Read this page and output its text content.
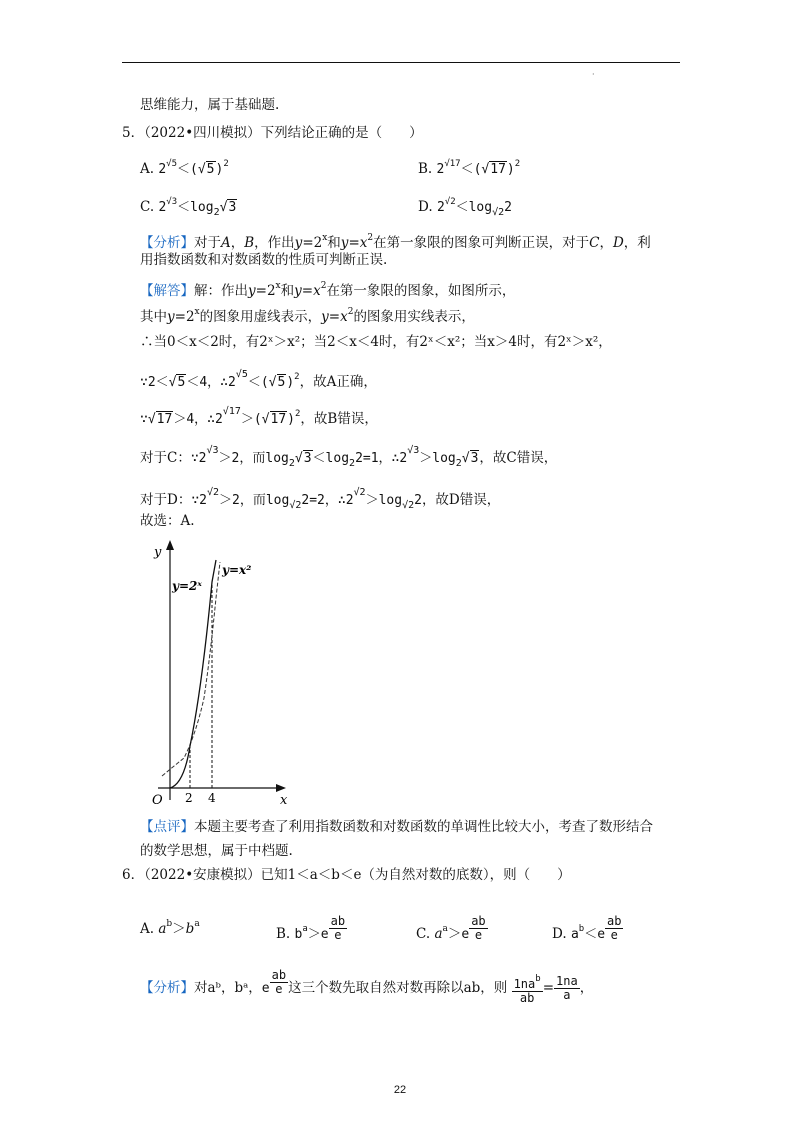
·
思维能力，属于基础题.
5．（2022•四川模拟）下列结论正确的是（　　）
A. $2^{√5}<(√5)^2$	B. $2^{√17}<(√17)^2$
C. $2^{√3}<\log_2√3$	D. $2^{√2}<\log_{√2}2$
【分析】对于A，B，作出$y=2^x$和$y=x^2$在第一象限的图象可判断正误，对于C，D，利
用指数函数和对数函数的性质可判断正误.
【解答】解：作出$y=2^x$和$y=x^2$在第一象限的图象，如图所示，
其中$y=2^x$的图象用虚线表示，$y=x^2$的图象用实线表示，
∴当0＜x＜2时，有2ˣ＞x²；当2＜x＜4时，有2ˣ＜x²；当x＞4时，有2ˣ＞x²，
∵2＜√5＜4，$\therefore 2^{√5}<(√5)^2$，故A正确，
∵√17＞4，$\therefore 2^{√17}>(√17)^2$，故B错误，
对于C：$\because 2^{√3}>2$，而$\log_2√3<\log_22=1$，$\therefore 2^{√3}>\log_2√3$，故C错误，
对于D：$\because 2^{√2}>2$，而$\log_{√2}2=2$，$\therefore 2^{√2}>\log_{√2}2$，故D错误，
故选：A.
y
x
O 2 4
y=2ˣ
y=x²
【点评】本题主要考查了利用指数函数和对数函数的单调性比较大小，考查了数形结合
的数学思想，属于中档题.
6．（2022•安康模拟）已知1＜a＜b＜e（为自然对数的底数），则（　　）
A. $a^b>b^a$
B. $b^a>e$ $^{\frac{ab}{e}}$	C. $a^a>e$ $^{\frac{ab}{e}}$	D. $a^b<e$ $^{\frac{ab}{e}}$
【分析】对aᵇ，bᵃ，e $^{\frac{ab}{e}}$ 这三个数先取自然对数再除以ab，则 $\frac{1na^b}{ab} = \frac{1na}{a}$ ，
22
